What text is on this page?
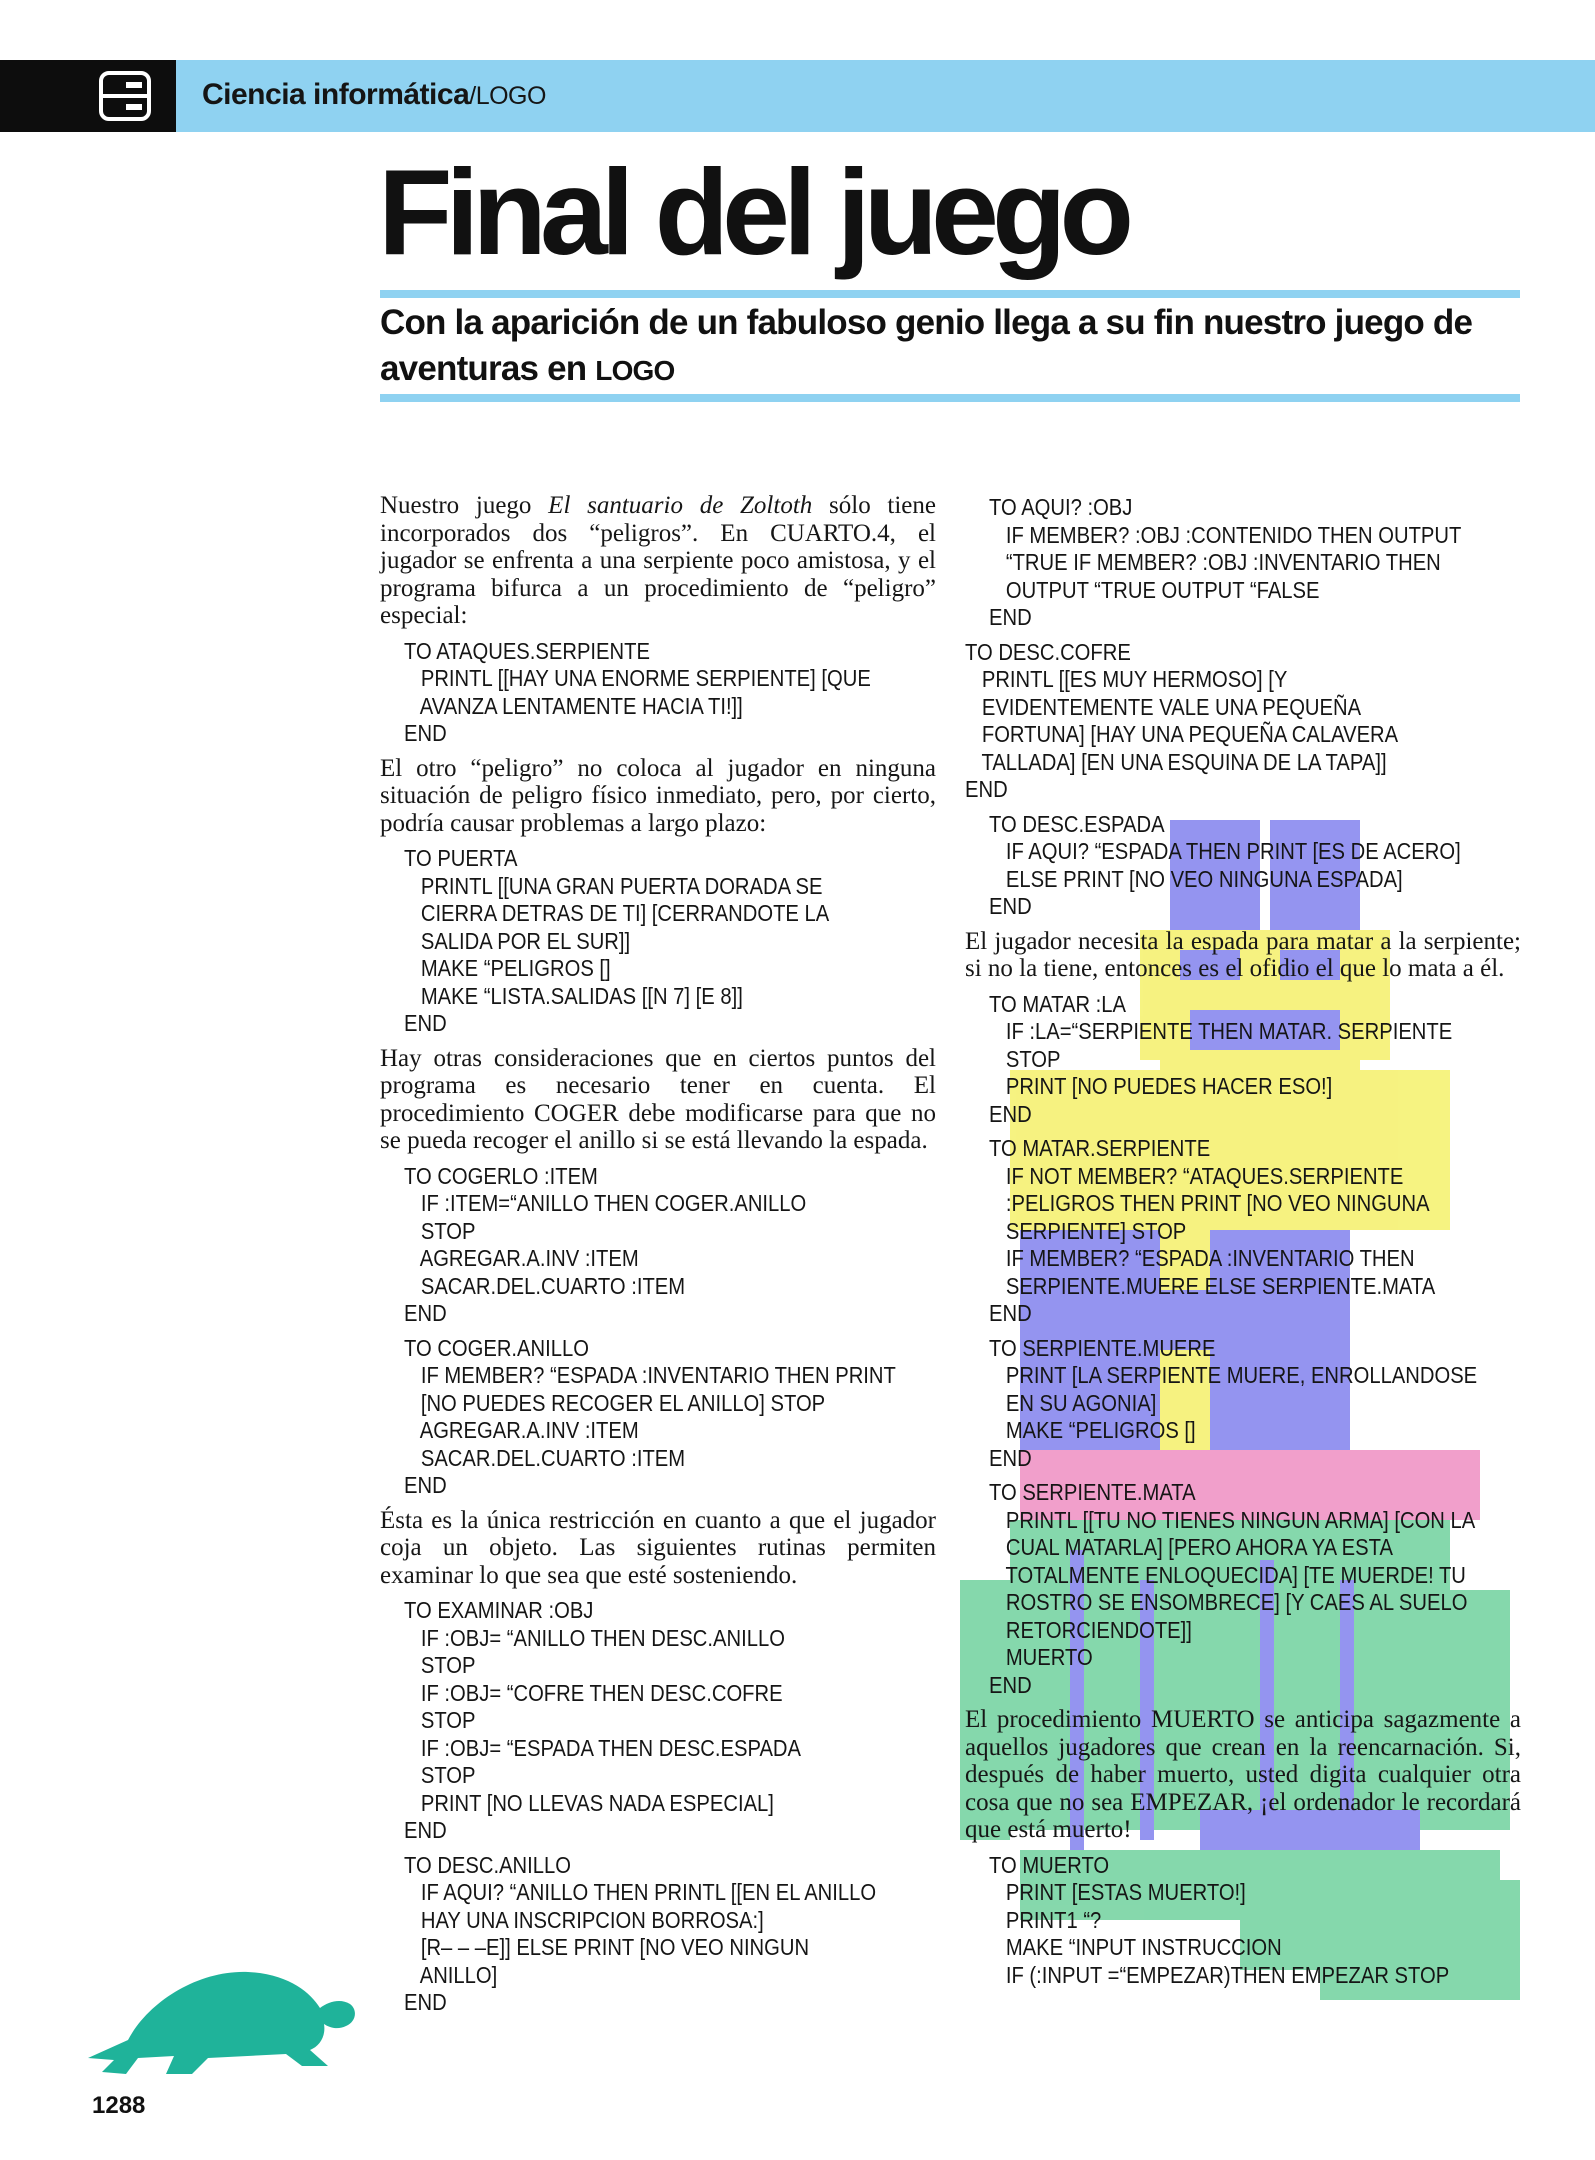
Ciencia informática/LOGO
Final del juego

Con la aparición de un fabuloso genio llega a su fin nuestro juego de aventuras en LOGO

Nuestro juego El santuario de Zoltoth sólo tiene incorporados dos “peligros”. En CUARTO.4, el jugador se enfrenta a una serpiente poco amistosa, y el programa bifurca a un procedimiento de “peligro” especial:

TO ATAQUES.SERPIENTE
PRINTL [[HAY UNA ENORME SERPIENTE] [QUE
AVANZA LENTAMENTE HACIA TI!]]
END

El otro “peligro” no coloca al jugador en ninguna situación de peligro físico inmediato, pero, por cierto, podría causar problemas a largo plazo:

TO PUERTA
PRINTL [[UNA GRAN PUERTA DORADA SE
CIERRA DETRAS DE TI] [CERRANDOTE LA
SALIDA POR EL SUR]]
MAKE “PELIGROS []
MAKE “LISTA.SALIDAS [[N 7] [E 8]]
END

Hay otras consideraciones que en ciertos puntos del programa es necesario tener en cuenta. El procedimiento COGER debe modificarse para que no se pueda recoger el anillo si se está llevando la espada.

TO COGERLO :ITEM
IF :ITEM=“ANILLO THEN COGER.ANILLO
STOP
AGREGAR.A.INV :ITEM
SACAR.DEL.CUARTO :ITEM
END
TO COGER.ANILLO
IF MEMBER? “ESPADA :INVENTARIO THEN PRINT
[NO PUEDES RECOGER EL ANILLO] STOP
AGREGAR.A.INV :ITEM
SACAR.DEL.CUARTO :ITEM
END

Ésta es la única restricción en cuanto a que el jugador coja un objeto. Las siguientes rutinas permiten examinar lo que sea que esté sosteniendo.

TO EXAMINAR :OBJ
IF :OBJ= “ANILLO THEN DESC.ANILLO
STOP
IF :OBJ= “COFRE THEN DESC.COFRE
STOP
IF :OBJ= “ESPADA THEN DESC.ESPADA
STOP
PRINT [NO LLEVAS NADA ESPECIAL]
END
TO DESC.ANILLO
IF AQUI? “ANILLO THEN PRINTL [[EN EL ANILLO
HAY UNA INSCRIPCION BORROSA:]
[R– – –E]] ELSE PRINT [NO VEO NINGUN
ANILLO]
END
TO AQUI? :OBJ
IF MEMBER? :OBJ :CONTENIDO THEN OUTPUT
“TRUE IF MEMBER? :OBJ :INVENTARIO THEN
OUTPUT “TRUE OUTPUT “FALSE
END
TO DESC.COFRE
PRINTL [[ES MUY HERMOSO] [Y
EVIDENTEMENTE VALE UNA PEQUEÑA
FORTUNA] [HAY UNA PEQUEÑA CALAVERA
TALLADA] [EN UNA ESQUINA DE LA TAPA]]
END
TO DESC.ESPADA
IF AQUI? “ESPADA THEN PRINT [ES DE ACERO]
ELSE PRINT [NO VEO NINGUNA ESPADA]
END

El jugador necesita la espada para matar a la serpiente; si no la tiene, entonces es el ofidio el que lo mata a él.

TO MATAR :LA
IF :LA=“SERPIENTE THEN MATAR. SERPIENTE
STOP
PRINT [NO PUEDES HACER ESO!]
END
TO MATAR.SERPIENTE
IF NOT MEMBER? “ATAQUES.SERPIENTE
:PELIGROS THEN PRINT [NO VEO NINGUNA
SERPIENTE] STOP
IF MEMBER? “ESPADA :INVENTARIO THEN
SERPIENTE.MUERE ELSE SERPIENTE.MATA
END
TO SERPIENTE.MUERE
PRINT [LA SERPIENTE MUERE, ENROLLANDOSE
EN SU AGONIA]
MAKE “PELIGROS []
END
TO SERPIENTE.MATA
PRINTL [[TU NO TIENES NINGUN ARMA] [CON LA
CUAL MATARLA] [PERO AHORA YA ESTA
TOTALMENTE ENLOQUECIDA] [TE MUERDE! TU
ROSTRO SE ENSOMBRECE] [Y CAES AL SUELO
RETORCIENDOTE]]
MUERTO
END

El procedimiento MUERTO se anticipa sagazmente a aquellos jugadores que crean en la reencarnación. Si, después de haber muerto, usted digita cualquier otra cosa que no sea EMPEZAR, ¡el ordenador le recordará que está muerto!

TO MUERTO
PRINT [ESTAS MUERTO!]
PRINT1 “?
MAKE “INPUT INSTRUCCION
IF (:INPUT =“EMPEZAR)THEN EMPEZAR STOP
1288
